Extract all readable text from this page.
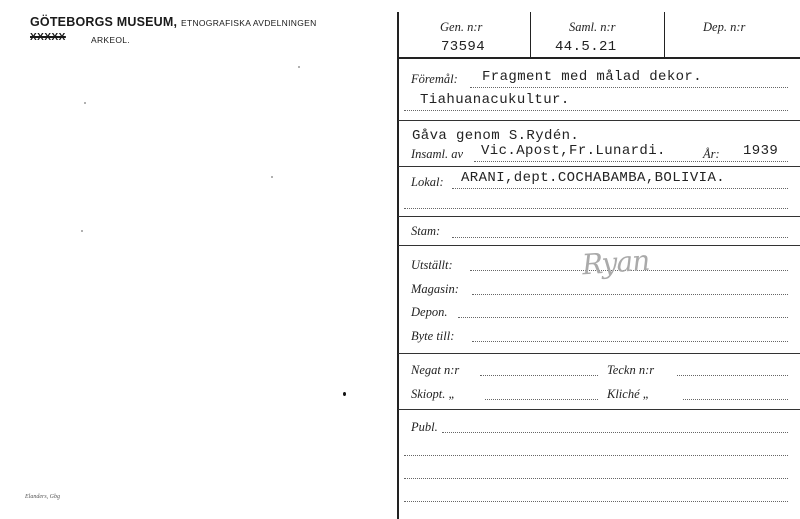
GÖTEBORGS MUSEUM, ETNOGRAFISKA AVDELNINGEN
XXXXX	ARKEOL.
Elanders, Gbg
Gen. n:r
73594
Saml. n:r
44.5.21
Dep. n:r
Föremål: Fragment med målad dekor.
Tiahuanacukultur.
Gåva genom S.Rydén.
Insaml. av Vic.Apost,Fr.Lunardi.	År: 1939
Lokal: ARANI,dept.COCHABAMBA,BOLIVIA.
Stam:
Utställt:
Magasin:
Depon.
Byte till:
Ryan
Negat n:r	Teckn n:r
Skiopt. „	Kliché „
Publ.
